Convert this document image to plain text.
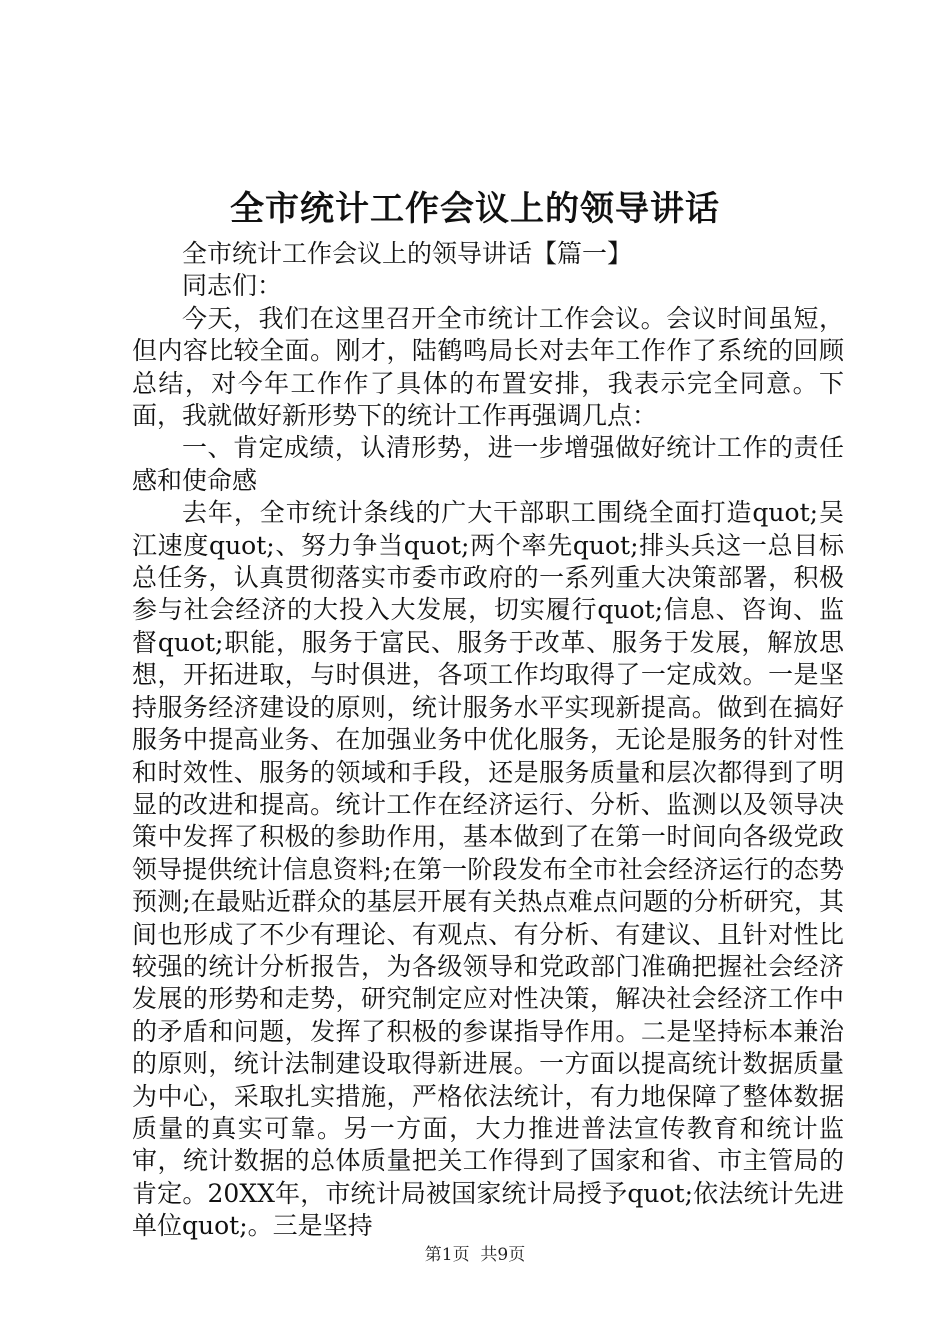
全市统计工作会议上的领导讲话

全市统计工作会议上的领导讲话【篇一】

同志们：

今天，我们在这里召开全市统计工作会议。会议时间虽短，但内容比较全面。刚才，陆鹤鸣局长对去年工作作了系统的回顾总结，对今年工作作了具体的布置安排，我表示完全同意。下面，我就做好新形势下的统计工作再强调几点：

一、肯定成绩，认清形势，进一步增强做好统计工作的责任感和使命感

去年，全市统计条线的广大干部职工围绕全面打造quot;吴江速度quot;、努力争当quot;两个率先quot;排头兵这一总目标总任务，认真贯彻落实市委市政府的一系列重大决策部署，积极参与社会经济的大投入大发展，切实履行quot;信息、咨询、监督quot;职能，服务于富民、服务于改革、服务于发展，解放思想，开拓进取，与时俱进，各项工作均取得了一定成效。一是坚持服务经济建设的原则，统计服务水平实现新提高。做到在搞好服务中提高业务、在加强业务中优化服务，无论是服务的针对性和时效性、服务的领域和手段，还是服务质量和层次都得到了明显的改进和提高。统计工作在经济运行、分析、监测以及领导决策中发挥了积极的参助作用，基本做到了在第一时间向各级党政领导提供统计信息资料;在第一阶段发布全市社会经济运行的态势预测;在最贴近群众的基层开展有关热点难点问题的分析研究，其间也形成了不少有理论、有观点、有分析、有建议、且针对性比较强的统计分析报告，为各级领导和党政部门准确把握社会经济发展的形势和走势，研究制定应对性决策，解决社会经济工作中的矛盾和问题，发挥了积极的参谋指导作用。二是坚持标本兼治的原则，统计法制建设取得新进展。一方面以提高统计数据质量为中心，采取扎实措施，严格依法统计，有力地保障了整体数据质量的真实可靠。另一方面，大力推进普法宣传教育和统计监审，统计数据的总体质量把关工作得到了国家和省、市主管局的肯定。20XX年，市统计局被国家统计局授予quot;依法统计先进单位quot;。三是坚持

第1页  共9页
